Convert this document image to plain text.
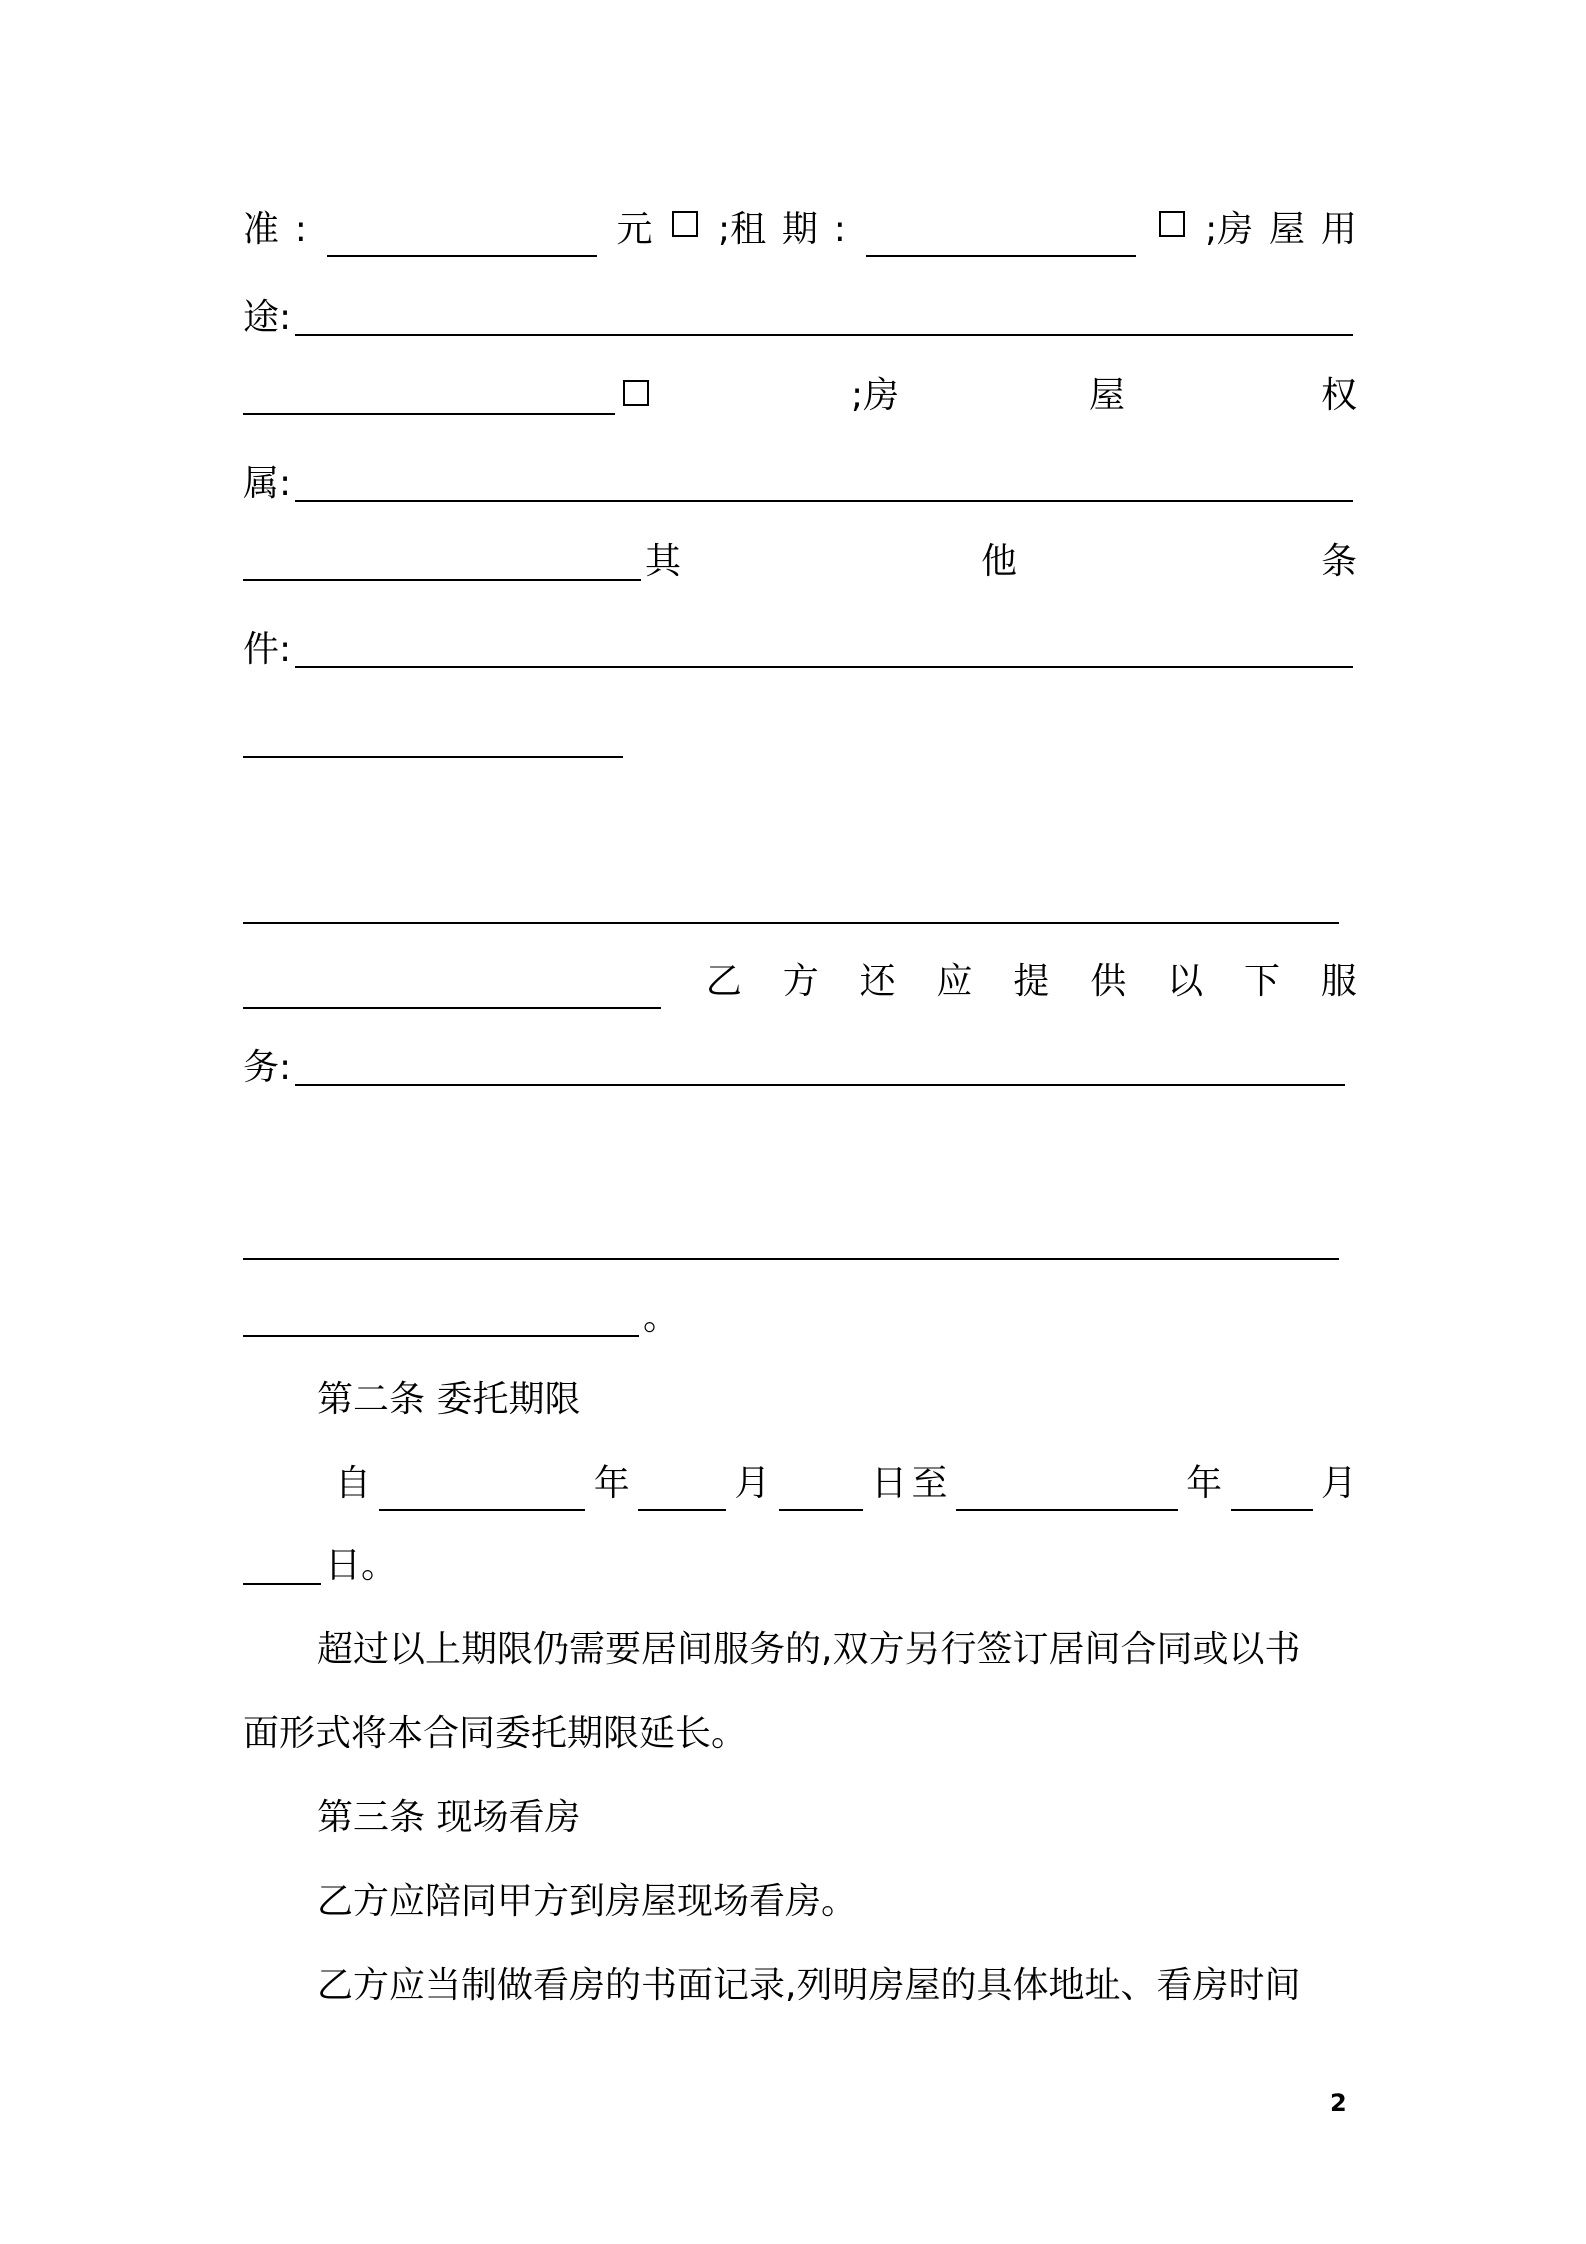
准 :	元 ;租 期 :	;房 屋 用
途 :
;房	屋	权
属 :
其	他	条
件 :
乙 方 还 应 提 供 以 下 服
务:
。
第二条 委托期限
自	年	月	日 至	年	月
日。
超过以上期限仍需要居间服务的,双方另行签订居间合同或以书
面形式将本合同委托期限延长。
第三条 现场看房
乙方应陪同甲方到房屋现场看房。
乙方应当制做看房的书面记录,列明房屋的具体地址、看房时间
2
